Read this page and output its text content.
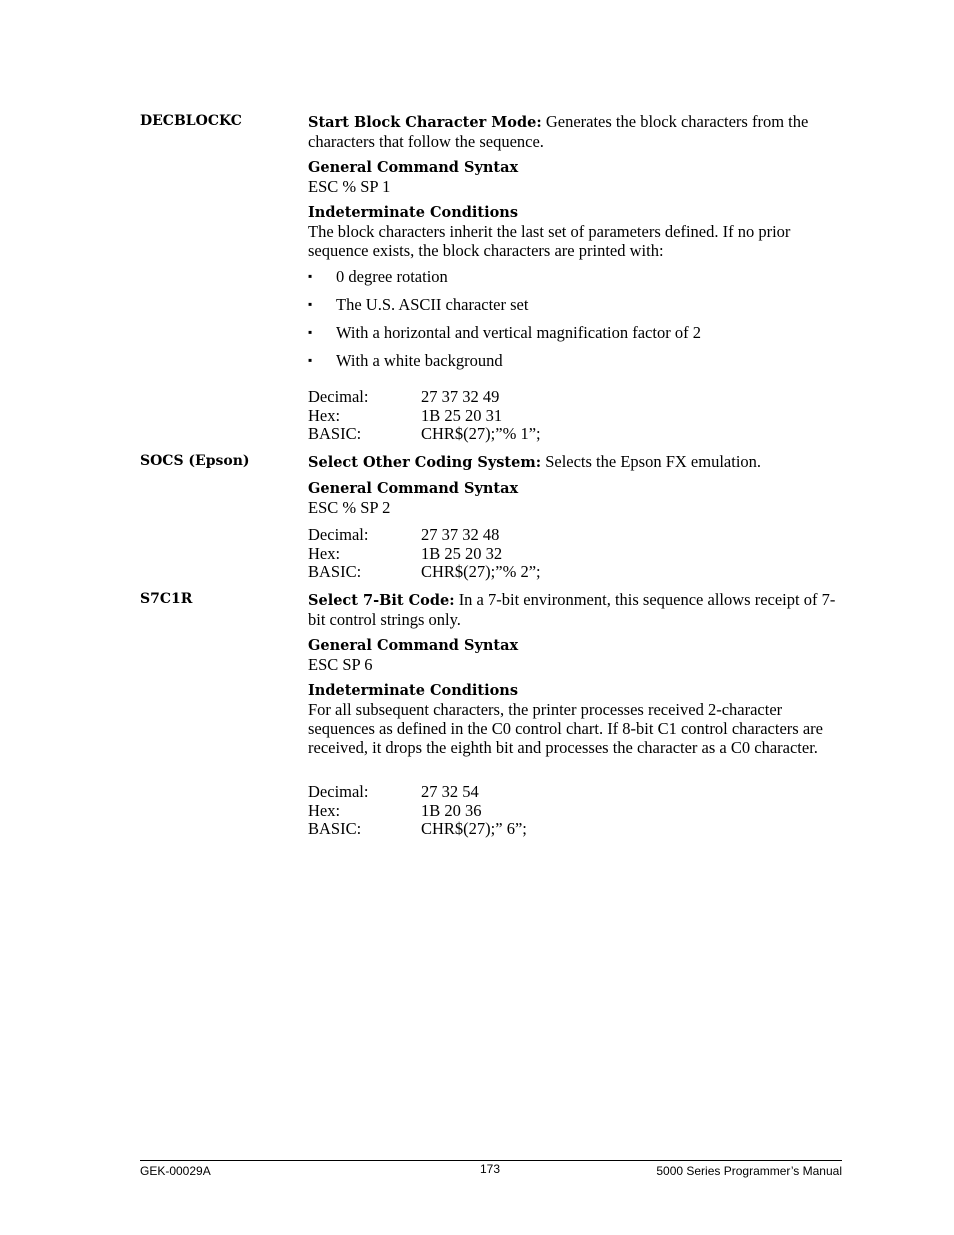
DECBLOCKC	Start Block Character Mode: Generates the block characters from the characters that follow the sequence.
General Command Syntax
ESC % SP 1
Indeterminate Conditions
The block characters inherit the last set of parameters defined. If no prior sequence exists, the block characters are printed with:
▪ 0 degree rotation
▪ The U.S. ASCII character set
▪ With a horizontal and vertical magnification factor of 2
▪ With a white background
Decimal:	27 37 32 49
Hex:	1B 25 20 31
BASIC:	CHR$(27);”% 1”;
SOCS (Epson)	Select Other Coding System: Selects the Epson FX emulation.
General Command Syntax
ESC % SP 2
Decimal:	27 37 32 48
Hex:	1B 25 20 32
BASIC:	CHR$(27);”% 2”;
S7C1R	Select 7-Bit Code: In a 7-bit environment, this sequence allows receipt of 7-bit control strings only.
General Command Syntax
ESC SP 6
Indeterminate Conditions
For all subsequent characters, the printer processes received 2-character sequences as defined in the C0 control chart. If 8-bit C1 control characters are received, it drops the eighth bit and processes the character as a C0 character.
Decimal:	27 32 54
Hex:	1B 20 36
BASIC:	CHR$(27);” 6”;
GEK-00029A	173	5000 Series Programmer’s Manual
